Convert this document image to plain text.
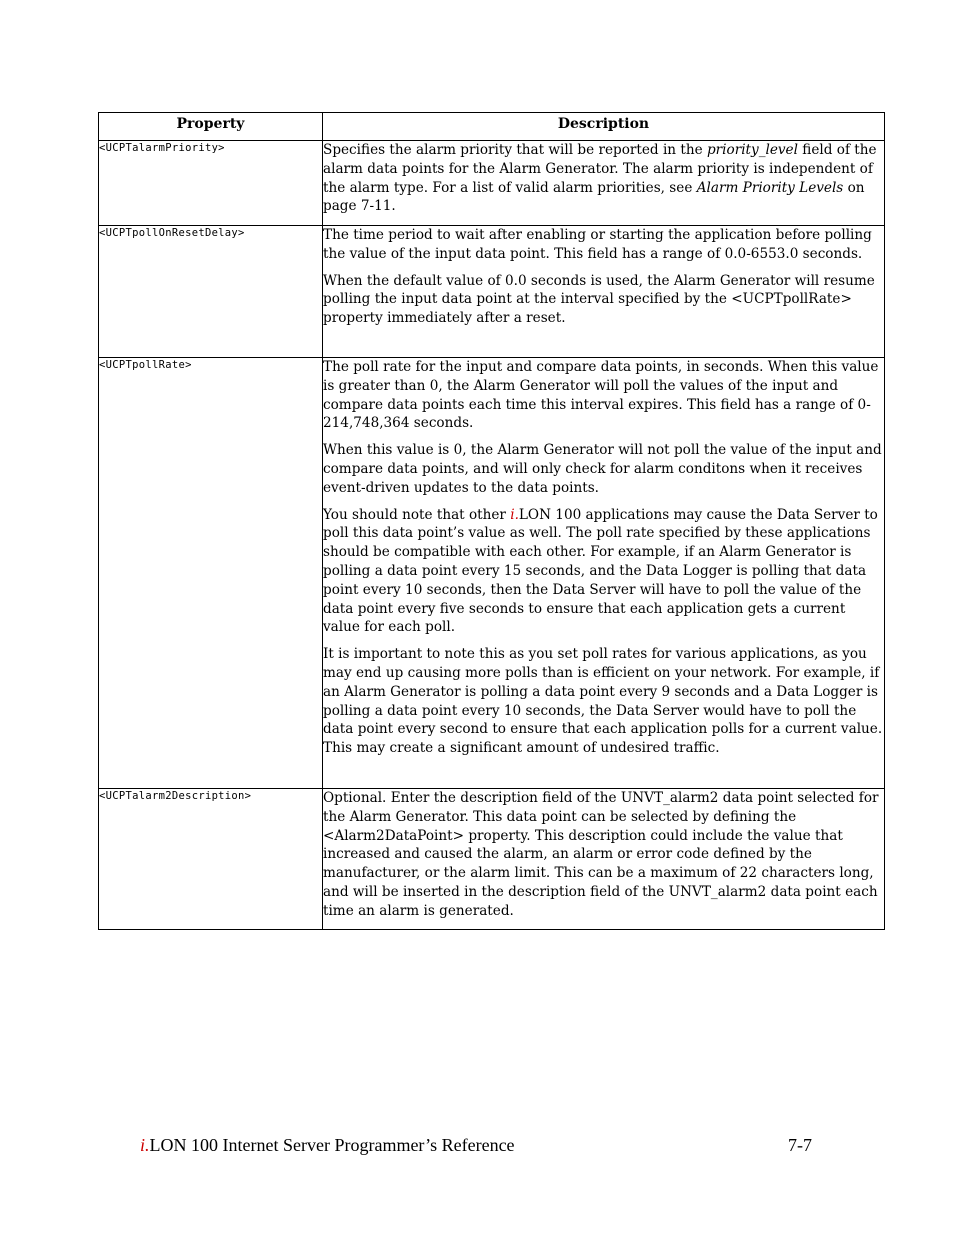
Property	Description
<UCPTalarmPriority>	Specifies the alarm priority that will be reported in the priority_level field of the alarm data points for the Alarm Generator. The alarm priority is independent of the alarm type. For a list of valid alarm priorities, see Alarm Priority Levels on page 7-11.

<UCPTpollOnResetDelay>	The time period to wait after enabling or starting the application before polling the value of the input data point. This field has a range of 0.0-6553.0 seconds.

When the default value of 0.0 seconds is used, the Alarm Generator will resume polling the input data point at the interval specified by the <UCPTpollRate> property immediately after a reset.

<UCPTpollRate>	The poll rate for the input and compare data points, in seconds. When this value is greater than 0, the Alarm Generator will poll the values of the input and compare data points each time this interval expires. This field has a range of 0-214,748,364 seconds.

When this value is 0, the Alarm Generator will not poll the value of the input and compare data points, and will only check for alarm conditons when it receives event-driven updates to the data points.

You should note that other i.LON 100 applications may cause the Data Server to poll this data point’s value as well. The poll rate specified by these applications should be compatible with each other. For example, if an Alarm Generator is polling a data point every 15 seconds, and the Data Logger is polling that data point every 10 seconds, then the Data Server will have to poll the value of the data point every five seconds to ensure that each application gets a current value for each poll.

It is important to note this as you set poll rates for various applications, as you may end up causing more polls than is efficient on your network. For example, if an Alarm Generator is polling a data point every 9 seconds and a Data Logger is polling a data point every 10 seconds, the Data Server would have to poll the data point every second to ensure that each application polls for a current value. This may create a significant amount of undesired traffic.

<UCPTalarm2Description>	Optional. Enter the description field of the UNVT_alarm2 data point selected for the Alarm Generator. This data point can be selected by defining the <Alarm2DataPoint> property. This description could include the value that increased and caused the alarm, an alarm or error code defined by the manufacturer, or the alarm limit. This can be a maximum of 22 characters long, and will be inserted in the description field of the UNVT_alarm2 data point each time an alarm is generated.

i.LON 100 Internet Server Programmer’s Reference	7-7
